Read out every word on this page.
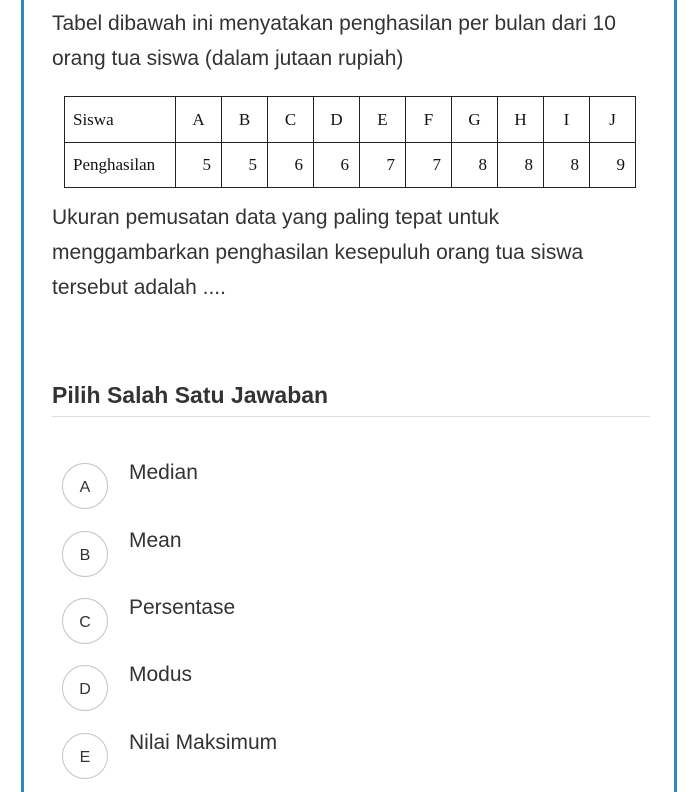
Tabel dibawah ini menyatakan penghasilan per bulan dari 10 orang tua siswa (dalam jutaan rupiah)

Siswa	A	B	C	D	E	F	G	H	I	J
Penghasilan	5	5	6	6	7	7	8	8	8	9

Ukuran pemusatan data yang paling tepat untuk menggambarkan penghasilan kesepuluh orang tua siswa tersebut adalah ....

Pilih Salah Satu Jawaban
A
Median
B
Mean
C
Persentase
D
Modus
E
Nilai Maksimum
